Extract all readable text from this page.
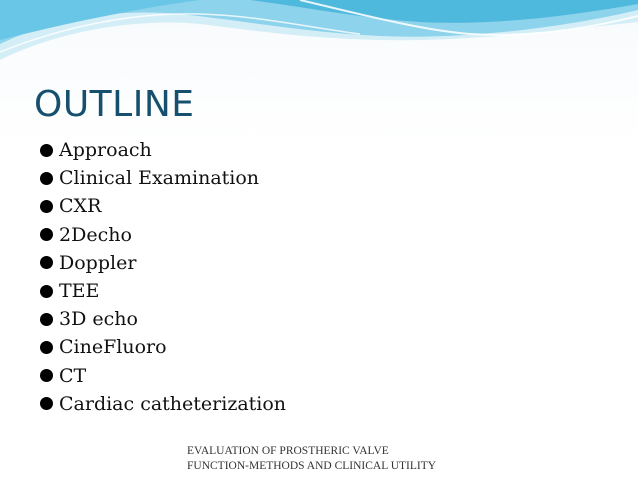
OUTLINE
Approach
Clinical Examination
CXR
2Decho
Doppler
TEE
3D echo
CineFluoro
CT
Cardiac catheterization
EVALUATION OF PROSTHERIC VALVE
FUNCTION-METHODS AND CLINICAL UTILITY
